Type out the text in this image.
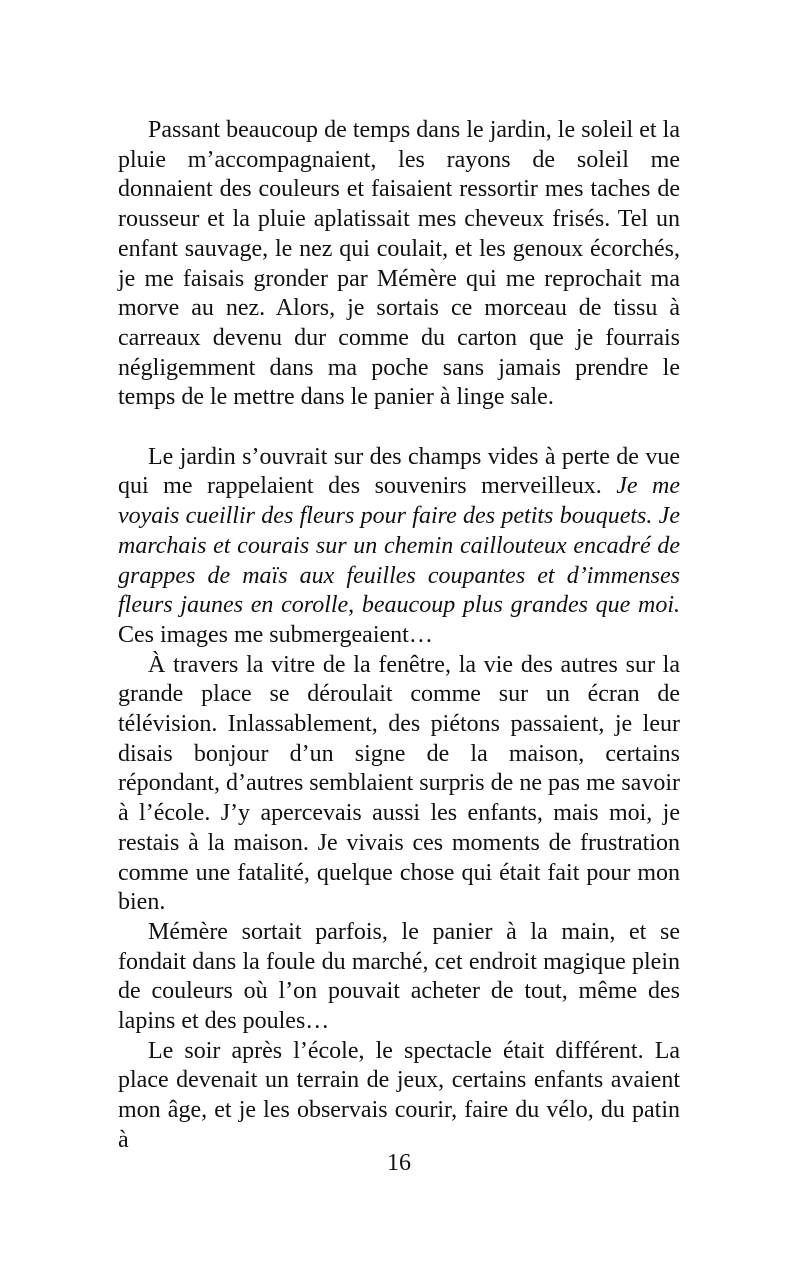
Passant beaucoup de temps dans le jardin, le soleil et la pluie m’accompagnaient, les rayons de soleil me donnaient des couleurs et faisaient ressortir mes taches de rousseur et la pluie aplatissait mes cheveux frisés. Tel un enfant sauvage, le nez qui coulait, et les genoux écorchés, je me faisais gronder par Mémère qui me reprochait ma morve au nez. Alors, je sortais ce morceau de tissu à carreaux devenu dur comme du carton que je fourrais négligemment dans ma poche sans jamais prendre le temps de le mettre dans le panier à linge sale.

Le jardin s’ouvrait sur des champs vides à perte de vue qui me rappelaient des souvenirs merveilleux. Je me voyais cueillir des fleurs pour faire des petits bouquets. Je marchais et courais sur un chemin caillouteux encadré de grappes de maïs aux feuilles coupantes et d’immenses fleurs jaunes en corolle, beaucoup plus grandes que moi. Ces images me submergeaient…

À travers la vitre de la fenêtre, la vie des autres sur la grande place se déroulait comme sur un écran de télévision. Inlassablement, des piétons passaient, je leur disais bonjour d’un signe de la maison, certains répondant, d’autres semblaient surpris de ne pas me savoir à l’école. J’y apercevais aussi les enfants, mais moi, je restais à la maison. Je vivais ces moments de frustration comme une fatalité, quelque chose qui était fait pour mon bien.

Mémère sortait parfois, le panier à la main, et se fondait dans la foule du marché, cet endroit magique plein de couleurs où l’on pouvait acheter de tout, même des lapins et des poules…

Le soir après l’école, le spectacle était différent. La place devenait un terrain de jeux, certains enfants avaient mon âge, et je les observais courir, faire du vélo, du patin à

16
